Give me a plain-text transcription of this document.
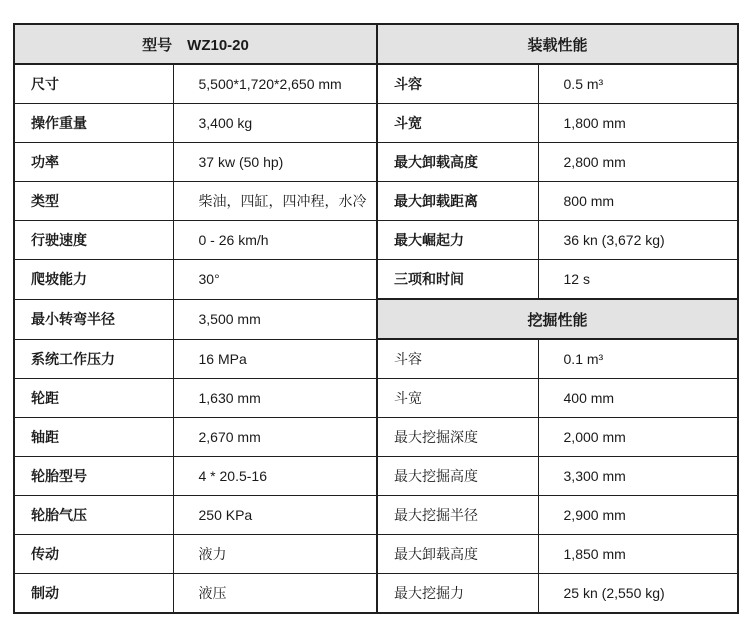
型号 WZ10-20		装载性能	
尺寸	5,500*1,720*2,650 mm	斗容	0.5 m³
操作重量	3,400 kg	斗宽	1,800 mm
功率	37 kw (50 hp)	最大卸载高度	2,800 mm
类型	柴油，四缸，四冲程，水冷	最大卸载距离	800 mm
行驶速度	0 - 26 km/h	最大崛起力	36 kn (3,672 kg)
爬坡能力	30°	三项和时间	12 s
最小转弯半径	3,500 mm	挖掘性能	
系统工作压力	16 MPa	斗容	0.1 m³
轮距	1,630 mm	斗宽	400 mm
轴距	2,670 mm	最大挖掘深度	2,000 mm
轮胎型号	4 * 20.5-16	最大挖掘高度	3,300 mm
轮胎气压	250 KPa	最大挖掘半径	2,900 mm
传动	液力	最大卸载高度	1,850 mm
制动	液压	最大挖掘力	25 kn (2,550 kg)
